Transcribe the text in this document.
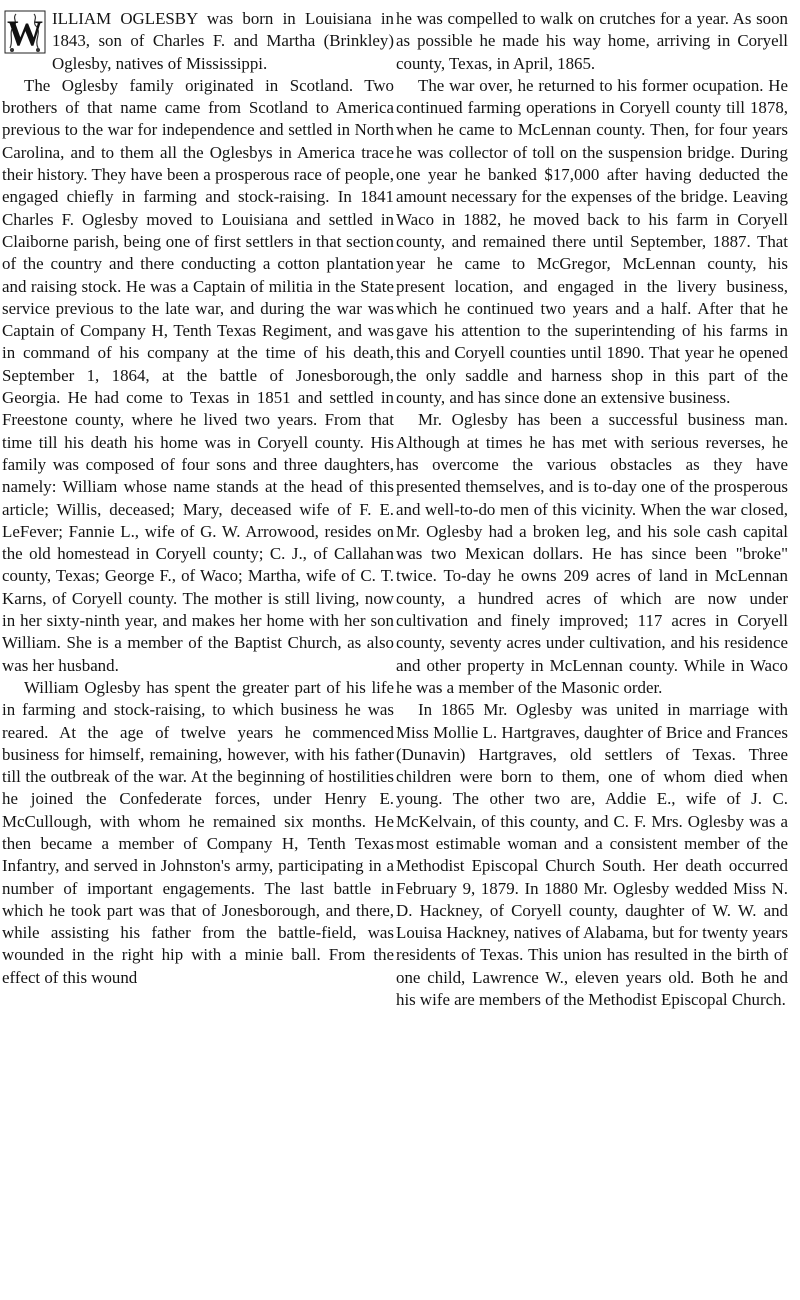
W ILLIAM OGLESBY was born in Louisiana in 1843, son of Charles F. and Martha (Brinkley) Oglesby, natives of Mississippi.

The Oglesby family originated in Scotland. Two brothers of that name came from Scotland to America previous to the war for independence and settled in North Carolina, and to them all the Oglesbys in America trace their history. They have been a prosperous race of people, engaged chiefly in farming and stock-raising. In 1841 Charles F. Oglesby moved to Louisiana and settled in Claiborne parish, being one of first settlers in that section of the country and there conducting a cotton plantation and raising stock. He was a Captain of militia in the State service previous to the late war, and during the war was Captain of Company H, Tenth Texas Regiment, and was in command of his company at the time of his death, September 1, 1864, at the battle of Jonesborough, Georgia. He had come to Texas in 1851 and settled in Freestone county, where he lived two years. From that time till his death his home was in Coryell county. His family was composed of four sons and three daughters, namely: William whose name stands at the head of this article; Willis, deceased; Mary, deceased wife of F. E. LeFever; Fannie L., wife of G. W. Arrowood, resides on the old homestead in Coryell county; C. J., of Callahan county, Texas; George F., of Waco; Martha, wife of C. T. Karns, of Coryell county. The mother is still living, now in her sixty-ninth year, and makes her home with her son William. She is a member of the Baptist Church, as also was her husband.

William Oglesby has spent the greater part of his life in farming and stock-raising, to which business he was reared. At the age of twelve years he commenced business for himself, remaining, however, with his father till the outbreak of the war. At the beginning of hostilities he joined the Confederate forces, under Henry E. McCullough, with whom he remained six months. He then became a member of Company H, Tenth Texas Infantry, and served in Johnston's army, participating in a number of important engagements. The last battle in which he took part was that of Jonesborough, and there, while assisting his father from the battle-field, was wounded in the right hip with a minie ball. From the effect of this wound

he was compelled to walk on crutches for a year. As soon as possible he made his way home, arriving in Coryell county, Texas, in April, 1865.

The war over, he returned to his former ocupation. He continued farming operations in Coryell county till 1878, when he came to McLennan county. Then, for four years he was collector of toll on the suspension bridge. During one year he banked $17,000 after having deducted the amount necessary for the expenses of the bridge. Leaving Waco in 1882, he moved back to his farm in Coryell county, and remained there until September, 1887. That year he came to McGregor, McLennan county, his present location, and engaged in the livery business, which he continued two years and a half. After that he gave his attention to the superintending of his farms in this and Coryell counties until 1890. That year he opened the only saddle and harness shop in this part of the county, and has since done an extensive business.

Mr. Oglesby has been a successful business man. Although at times he has met with serious reverses, he has overcome the various obstacles as they have presented themselves, and is to-day one of the prosperous and well-to-do men of this vicinity. When the war closed, Mr. Oglesby had a broken leg, and his sole cash capital was two Mexican dollars. He has since been "broke" twice. To-day he owns 209 acres of land in McLennan county, a hundred acres of which are now under cultivation and finely improved; 117 acres in Coryell county, seventy acres under cultivation, and his residence and other property in McLennan county. While in Waco he was a member of the Masonic order.

In 1865 Mr. Oglesby was united in marriage with Miss Mollie L. Hartgraves, daughter of Brice and Frances (Dunavin) Hartgraves, old settlers of Texas. Three children were born to them, one of whom died when young. The other two are, Addie E., wife of J. C. McKelvain, of this county, and C. F. Mrs. Oglesby was a most estimable woman and a consistent member of the Methodist Episcopal Church South. Her death occurred February 9, 1879. In 1880 Mr. Oglesby wedded Miss N. D. Hackney, of Coryell county, daughter of W. W. and Louisa Hackney, natives of Alabama, but for twenty years residents of Texas. This union has resulted in the birth of one child, Lawrence W., eleven years old. Both he and his wife are members of the Methodist Episcopal Church.
